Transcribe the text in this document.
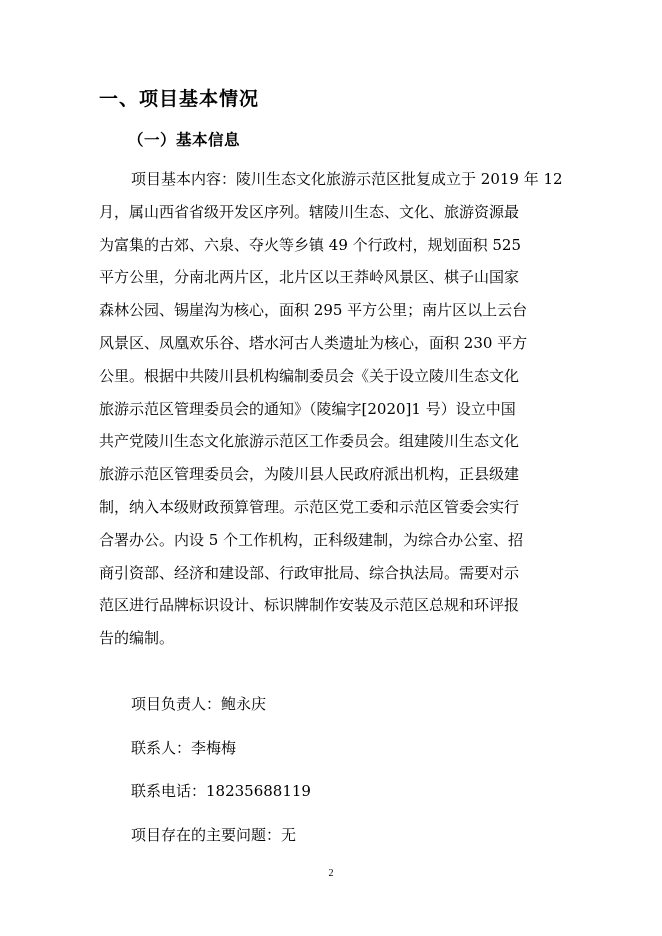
一、项目基本情况
（一）基本信息
项目基本内容：陵川生态文化旅游示范区批复成立于 2019 年 12
月，属山西省省级开发区序列。辖陵川生态、文化、旅游资源最
为富集的古郊、六泉、夺火等乡镇 49 个行政村，规划面积 525
平方公里，分南北两片区，北片区以王莽岭风景区、棋子山国家
森林公园、锡崖沟为核心，面积 295 平方公里；南片区以上云台
风景区、凤凰欢乐谷、塔水河古人类遗址为核心，面积 230 平方
公里。根据中共陵川县机构编制委员会《关于设立陵川生态文化
旅游示范区管理委员会的通知》（陵编字[2020]1 号）设立中国
共产党陵川生态文化旅游示范区工作委员会。组建陵川生态文化
旅游示范区管理委员会，为陵川县人民政府派出机构，正县级建
制，纳入本级财政预算管理。示范区党工委和示范区管委会实行
合署办公。内设 5 个工作机构，正科级建制，为综合办公室、招
商引资部、经济和建设部、行政审批局、综合执法局。需要对示
范区进行品牌标识设计、标识牌制作安装及示范区总规和环评报
告的编制。
项目负责人：鲍永庆
联系人：李梅梅
联系电话：18235688119
项目存在的主要问题：无
2
